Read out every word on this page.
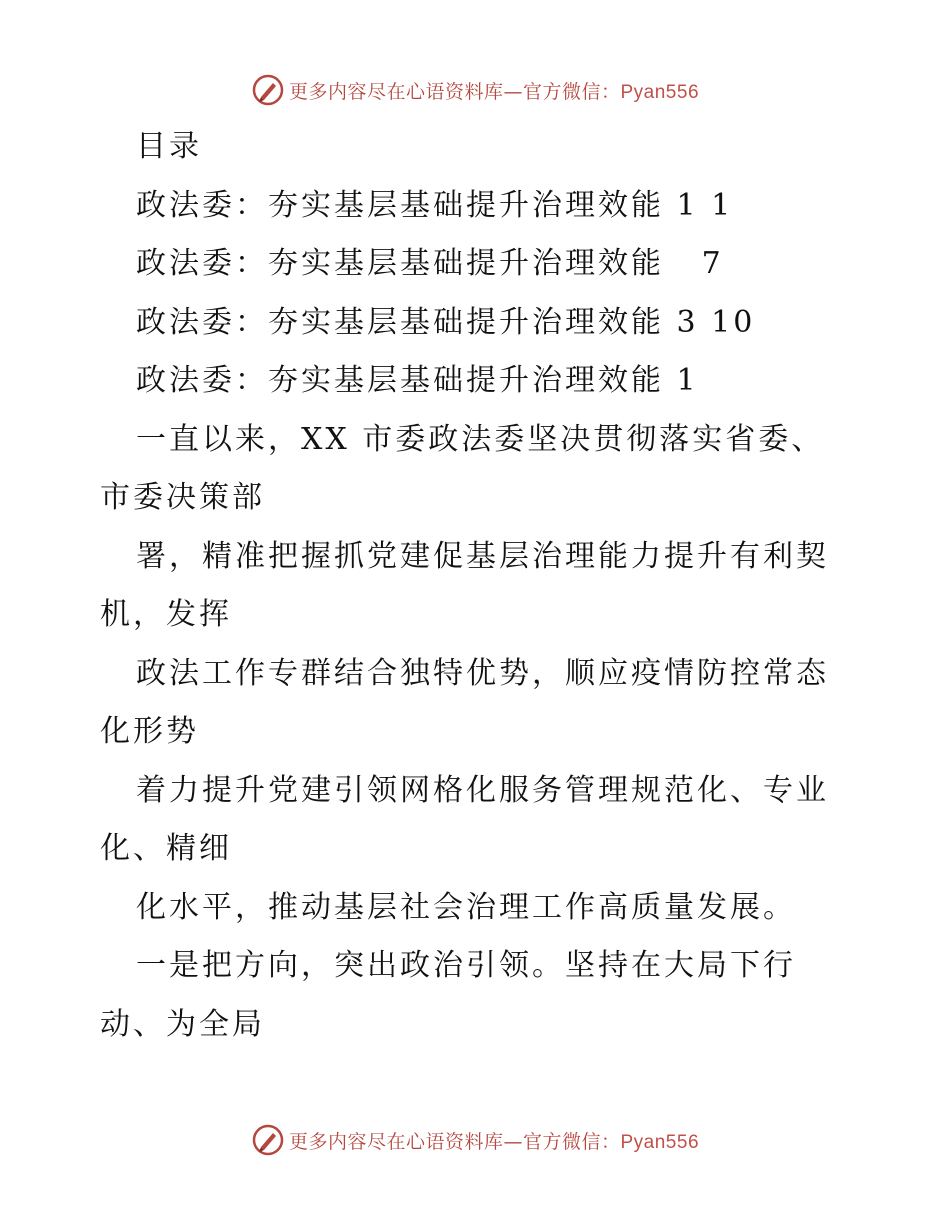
更多内容尽在心语资料库—官方微信：Pyan556
目录
政法委：夯实基层基础提升治理效能 1 1
政法委：夯实基层基础提升治理效能   7
政法委：夯实基层基础提升治理效能 3 10
政法委：夯实基层基础提升治理效能 1
一直以来，XX 市委政法委坚决贯彻落实省委、
市委决策部
署，精准把握抓党建促基层治理能力提升有利契
机，发挥
政法工作专群结合独特优势，顺应疫情防控常态
化形势
着力提升党建引领网格化服务管理规范化、专业
化、精细
化水平，推动基层社会治理工作高质量发展。
一是把方向，突出政治引领。坚持在大局下行
动、为全局
更多内容尽在心语资料库—官方微信：Pyan556
